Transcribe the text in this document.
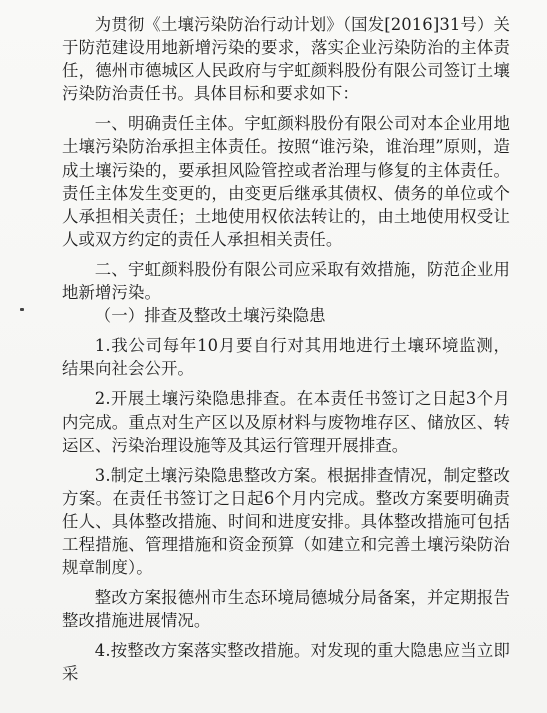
为贯彻《土壤污染防治行动计划》（国发[2016]31号）关于防范建设用地新增污染的要求，落实企业污染防治的主体责任，德州市德城区人民政府与宇虹颜料股份有限公司签订土壤污染防治责任书。具体目标和要求如下：

一、明确责任主体。宇虹颜料股份有限公司对本企业用地土壤污染防治承担主体责任。按照“谁污染，谁治理”原则，造成土壤污染的，要承担风险管控或者治理与修复的主体责任。责任主体发生变更的，由变更后继承其债权、债务的单位或个人承担相关责任；土地使用权依法转让的，由土地使用权受让人或双方约定的责任人承担相关责任。

二、宇虹颜料股份有限公司应采取有效措施，防范企业用地新增污染。

（一）排查及整改土壤污染隐患

1.我公司每年10月要自行对其用地进行土壤环境监测，结果向社会公开。

2.开展土壤污染隐患排查。在本责任书签订之日起3个月内完成。重点对生产区以及原材料与废物堆存区、储放区、转运区、污染治理设施等及其运行管理开展排查。

3.制定土壤污染隐患整改方案。根据排查情况，制定整改方案。在责任书签订之日起6个月内完成。整改方案要明确责任人、具体整改措施、时间和进度安排。具体整改措施可包括工程措施、管理措施和资金预算（如建立和完善土壤污染防治规章制度）。

整改方案报德州市生态环境局德城分局备案，并定期报告整改措施进展情况。

4.按整改方案落实整改措施。对发现的重大隐患应当立即采
